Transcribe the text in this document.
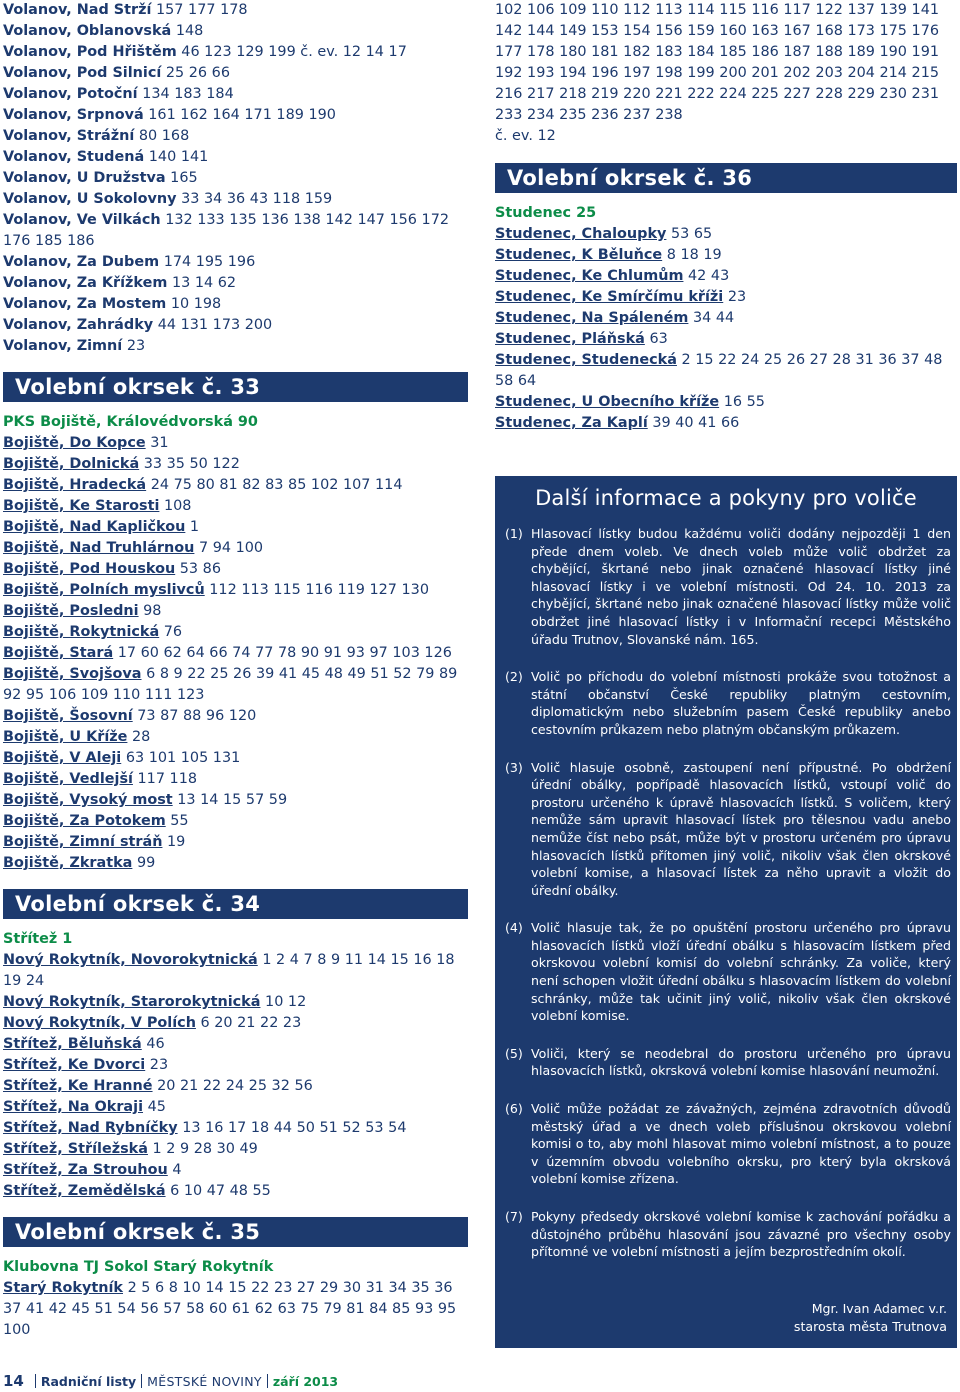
Volanov, Nad Strží 157 177 178
Volanov, Oblanovská 148
Volanov, Pod Hřištěm 46 123 129 199 č. ev. 12 14 17
Volanov, Pod Silnicí 25 26 66
Volanov, Potoční 134 183 184
Volanov, Srpnová 161 162 164 171 189 190
Volanov, Strážní 80 168
Volanov, Studená 140 141
Volanov, U Družstva 165
Volanov, U Sokolovny 33 34 36 43 118 159
Volanov, Ve Vilkách 132 133 135 136 138 142 147 156 172 176 185 186
Volanov, Za Dubem 174 195 196
Volanov, Za Křížkem 13 14 62
Volanov, Za Mostem 10 198
Volanov, Zahrádky 44 131 173 200
Volanov, Zimní 23
Volební okrsek č. 33
PKS Bojiště, Královédvorská 90
Bojiště, Do Kopce 31
Bojiště, Dolnická 33 35 50 122
Bojiště, Hradecká 24 75 80 81 82 83 85 102 107 114
Bojiště, Ke Starosti 108
Bojiště, Nad Kapličkou 1
Bojiště, Nad Truhlárnou 7 94 100
Bojiště, Pod Houskou 53 86
Bojiště, Polních myslivců 112 113 115 116 119 127 130
Bojiště, Posledni 98
Bojiště, Rokytnická 76
Bojiště, Stará 17 60 62 64 66 74 77 78 90 91 93 97 103 126
Bojiště, Svojšova 6 8 9 22 25 26 39 41 45 48 49 51 52 79 89 92 95 106 109 110 111 123
Bojiště, Šosovní 73 87 88 96 120
Bojiště, U Kříže 28
Bojiště, V Aleji 63 101 105 131
Bojiště, Vedlejší 117 118
Bojiště, Vysoký most 13 14 15 57 59
Bojiště, Za Potokem 55
Bojiště, Zimní stráň 19
Bojiště, Zkratka 99
Volební okrsek č. 34
Střítež 1
Nový Rokytník, Novorokytnická 1 2 4 7 8 9 11 14 15 16 18 19 24
Nový Rokytník, Starorokytnická 10 12
Nový Rokytník, V Polích 6 20 21 22 23
Střítež, Běluňská 46
Střítež, Ke Dvorci 23
Střítež, Ke Hranné 20 21 22 24 25 32 56
Střítež, Na Okraji 45
Střítež, Nad Rybníčky 13 16 17 18 44 50 51 52 53 54
Střítež, Stříležská 1 2 9 28 30 49
Střítež, Za Strouhou 4
Střítež, Zemědělská 6 10 47 48 55
Volební okrsek č. 35
Klubovna TJ Sokol Starý Rokytník
Starý Rokytník 2 5 6 8 10 14 15 22 23 27 29 30 31 34 35 36 37 41 42 45 51 54 56 57 58 60 61 62 63 75 79 81 84 85 93 95 100
102 106 109 110 112 113 114 115 116 117 122 137 139 141 142 144 149 153 154 156 159 160 163 167 168 173 175 176 177 178 180 181 182 183 184 185 186 187 188 189 190 191 192 193 194 196 197 198 199 200 201 202 203 204 214 215 216 217 218 219 220 221 222 224 225 227 228 229 230 231 233 234 235 236 237 238
č. ev. 12
Volební okrsek č. 36
Studenec 25
Studenec, Chaloupky 53 65
Studenec, K Běluňce 8 18 19
Studenec, Ke Chlumům 42 43
Studenec, Ke Smírčímu kříži 23
Studenec, Na Spáleném 34 44
Studenec, Pláňská 63
Studenec, Studenecká 2 15 22 24 25 26 27 28 31 36 37 48 58 64
Studenec, U Obecního kříže 16 55
Studenec, Za Kaplí 39 40 41 66
Další informace a pokyny pro voliče
(1) Hlasovací lístky budou každému voliči dodány nejpozději 1 den přede dnem voleb. Ve dnech voleb může volič obdržet za chybějící, škrtané nebo jinak označené hlasovací lístky jiné hlasovací lístky i ve volební místnosti. Od 24. 10. 2013 za chybějící, škrtané nebo jinak označené hlasovací lístky může volič obdržet jiné hlasovací lístky i v Informační recepci Městského úřadu Trutnov, Slovanské nám. 165.
(2) Volič po příchodu do volební místnosti prokáže svou totožnost a státní občanství České republiky platným cestovním, diplomatickým nebo služebním pasem České republiky anebo cestovním průkazem nebo platným občanským průkazem.
(3) Volič hlasuje osobně, zastoupení není přípustné. Po obdržení úřední obálky, popřípadě hlasovacích lístků, vstoupí volič do prostoru určeného k úpravě hlasovacích lístků. S voličem, který nemůže sám upravit hlasovací lístek pro tělesnou vadu anebo nemůže číst nebo psát, může být v prostoru určeném pro úpravu hlasovacích lístků přítomen jiný volič, nikoliv však člen okrskové volební komise, a hlasovací lístek za něho upravit a vložit do úřední obálky.
(4) Volič hlasuje tak, že po opuštění prostoru určeného pro úpravu hlasovacích lístků vloží úřední obálku s hlasovacím lístkem před okrskovou volební komisí do volební schránky. Za voliče, který není schopen vložit úřední obálku s hlasovacím lístkem do volební schránky, může tak učinit jiný volič, nikoliv však člen okrskové volební komise.
(5) Voliči, který se neodebral do prostoru určeného pro úpravu hlasovacích lístků, okrsková volební komise hlasování neumožní.
(6) Volič může požádat ze závažných, zejména zdravotních důvodů městský úřad a ve dnech voleb příslušnou okrskovou volební komisi o to, aby mohl hlasovat mimo volební místnost, a to pouze v územním obvodu volebního okrsku, pro který byla okrsková volební komise zřízena.
(7) Pokyny předsedy okrskové volební komise k zachování pořádku a důstojného průběhu hlasování jsou závazné pro všechny osoby přítomné ve volební místnosti a jejím bezprostředním okolí.
Mgr. Ivan Adamec v.r.
starosta města Trutnova
14 Radniční listy MĚSTSKÉ NOVINY září 2013
